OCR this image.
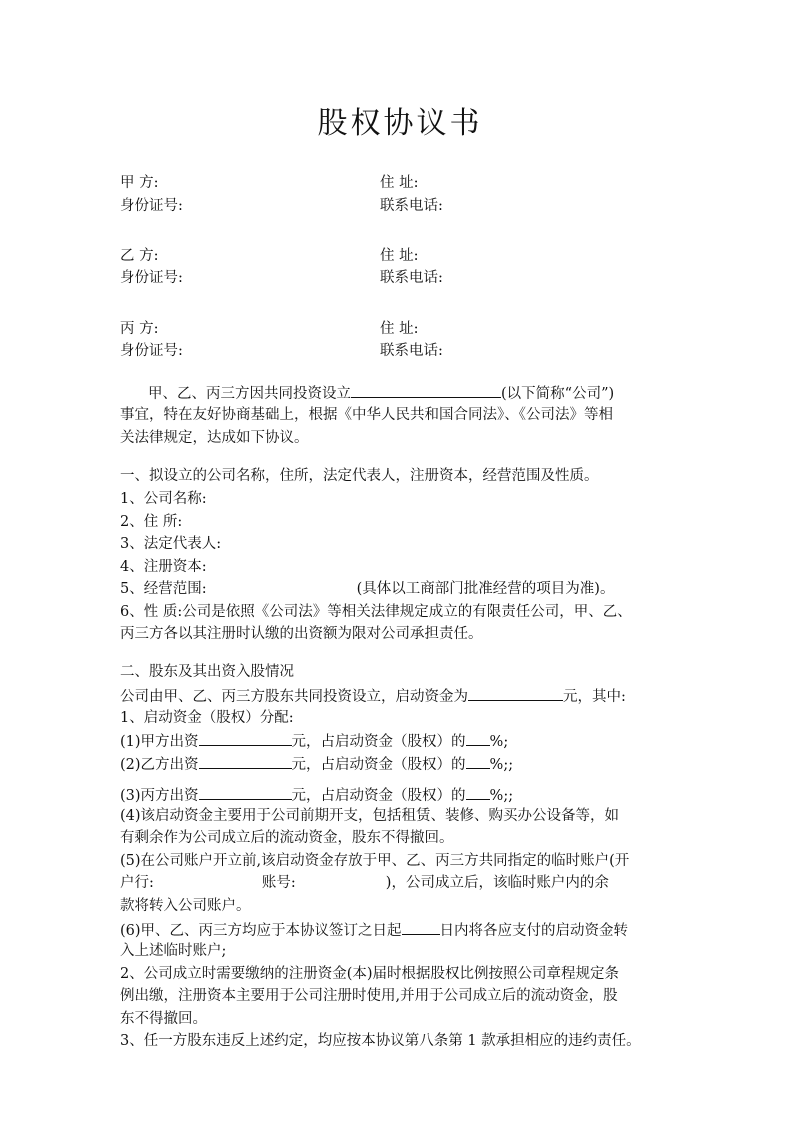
股权协议书
甲 方:	住 址:
身份证号:	联系电话:
乙 方:	住 址:
身份证号:	联系电话:
丙 方:	住 址:
身份证号:	联系电话:
甲、乙、丙三方因共同投资设立	(以下简称“公司”)
事宜，特在友好协商基础上，根据《中华人民共和国合同法》、《公司法》等相
关法律规定，达成如下协议。
一、拟设立的公司名称，住所，法定代表人，注册资本，经营范围及性质。
1、公司名称:
2、住 所:
3、法定代表人:
4、注册资本:
5、经营范围:	(具体以工商部门批准经营的项目为准)。
6、性 质:公司是依照《公司法》等相关法律规定成立的有限责任公司，甲、乙、
丙三方各以其注册时认缴的出资额为限对公司承担责任。
二、股东及其出资入股情况
公司由甲、乙、丙三方股东共同投资设立，启动资金为	元，其中:
1、启动资金（股权）分配:
(1)甲方出资	元，占启动资金（股权）的 %;
(2)乙方出资	元，占启动资金（股权）的 %;;
(3)丙方出资	元，占启动资金（股权）的 %;;
(4)该启动资金主要用于公司前期开支，包括租赁、装修、购买办公设备等，如
有剩余作为公司成立后的流动资金，股东不得撤回。
(5)在公司账户开立前,该启动资金存放于甲、乙、丙三方共同指定的临时账户(开
户行:	账号:	)，公司成立后，该临时账户内的余
款将转入公司账户。
(6)甲、乙、丙三方均应于本协议签订之日起	日内将各应支付的启动资金转
入上述临时账户;
2、公司成立时需要缴纳的注册资金(本)届时根据股权比例按照公司章程规定条
例出缴，注册资本主要用于公司注册时使用,并用于公司成立后的流动资金，股
东不得撤回。
3、任一方股东违反上述约定，均应按本协议第八条第 1 款承担相应的违约责任。
